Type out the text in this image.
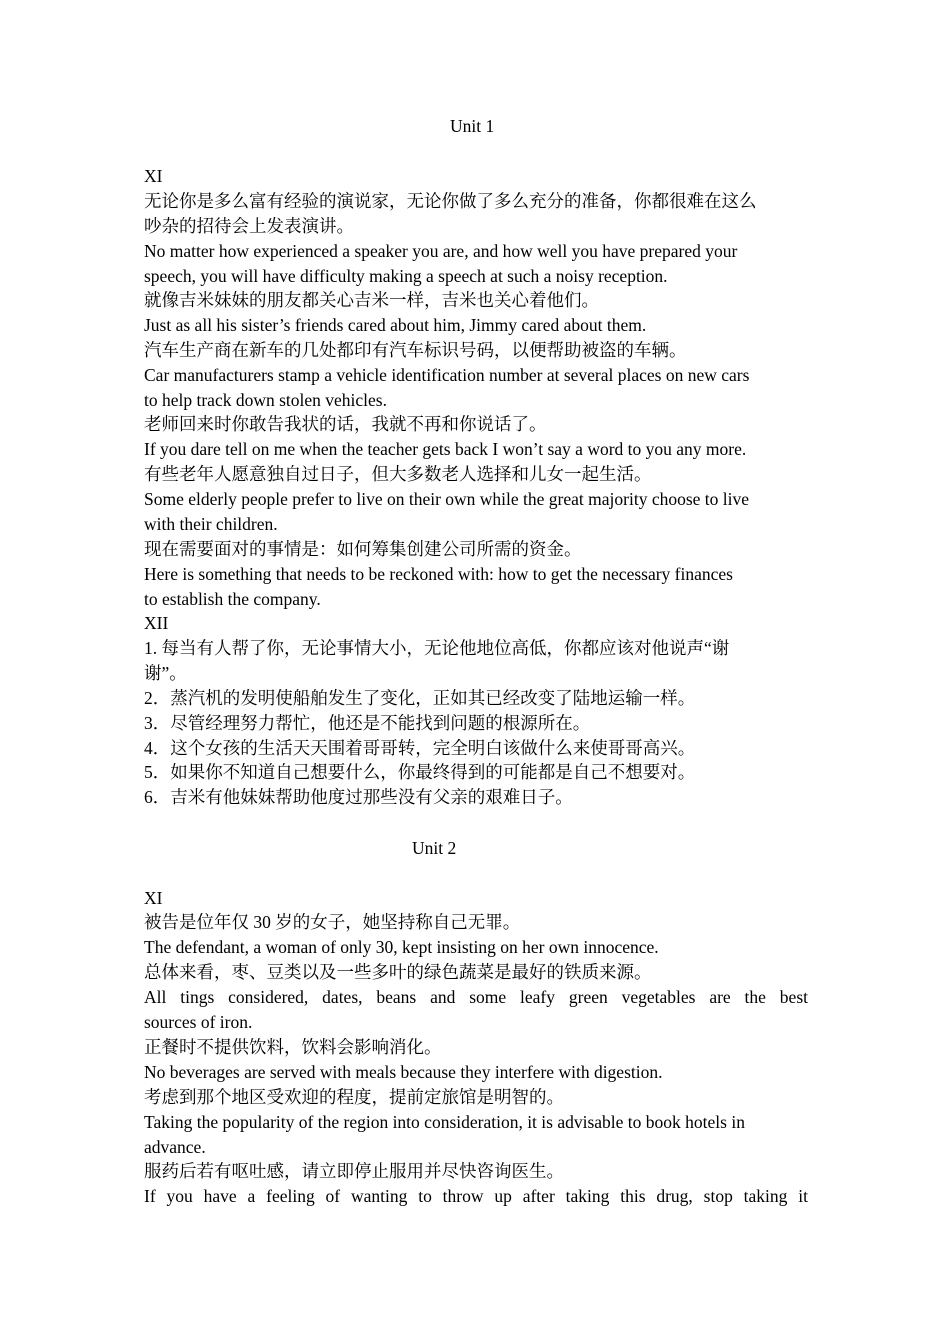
Unit 1
XI
无论你是多么富有经验的演说家，无论你做了多么充分的准备，你都很难在这么
吵杂的招待会上发表演讲。
No matter how experienced a speaker you are, and how well you have prepared your
speech, you will have difficulty making a speech at such a noisy reception.
就像吉米妹妹的朋友都关心吉米一样，吉米也关心着他们。
Just as all his sister’s friends cared about him, Jimmy cared about them.
汽车生产商在新车的几处都印有汽车标识号码，以便帮助被盗的车辆。
Car manufacturers stamp a vehicle identification number at several places on new cars
to help track down stolen vehicles.
老师回来时你敢告我状的话，我就不再和你说话了。
If you dare tell on me when the teacher gets back I won’t say a word to you any more.
有些老年人愿意独自过日子，但大多数老人选择和儿女一起生活。
Some elderly people prefer to live on their own while the great majority choose to live
with their children.
现在需要面对的事情是：如何筹集创建公司所需的资金。
Here is something that needs to be reckoned with: how to get the necessary finances
to establish the company.
XII
1. 每当有人帮了你，无论事情大小，无论他地位高低，你都应该对他说声“谢
谢”。
2．蒸汽机的发明使船舶发生了变化，正如其已经改变了陆地运输一样。
3．尽管经理努力帮忙，他还是不能找到问题的根源所在。
4．这个女孩的生活天天围着哥哥转，完全明白该做什么来使哥哥高兴。
5．如果你不知道自己想要什么，你最终得到的可能都是自己不想要对。
6．吉米有他妹妹帮助他度过那些没有父亲的艰难日子。
Unit 2
XI
被告是位年仅 30 岁的女子，她坚持称自己无罪。
The defendant, a woman of only 30, kept insisting on her own innocence.
总体来看，枣、豆类以及一些多叶的绿色蔬菜是最好的铁质来源。
All tings considered, dates, beans and some leafy green vegetables are the best
sources of iron.
正餐时不提供饮料，饮料会影响消化。
No beverages are served with meals because they interfere with digestion.
考虑到那个地区受欢迎的程度，提前定旅馆是明智的。
Taking the popularity of the region into consideration, it is advisable to book hotels in
advance.
服药后若有呕吐感，请立即停止服用并尽快咨询医生。
If you have a feeling of wanting to throw up after taking this drug, stop taking it
